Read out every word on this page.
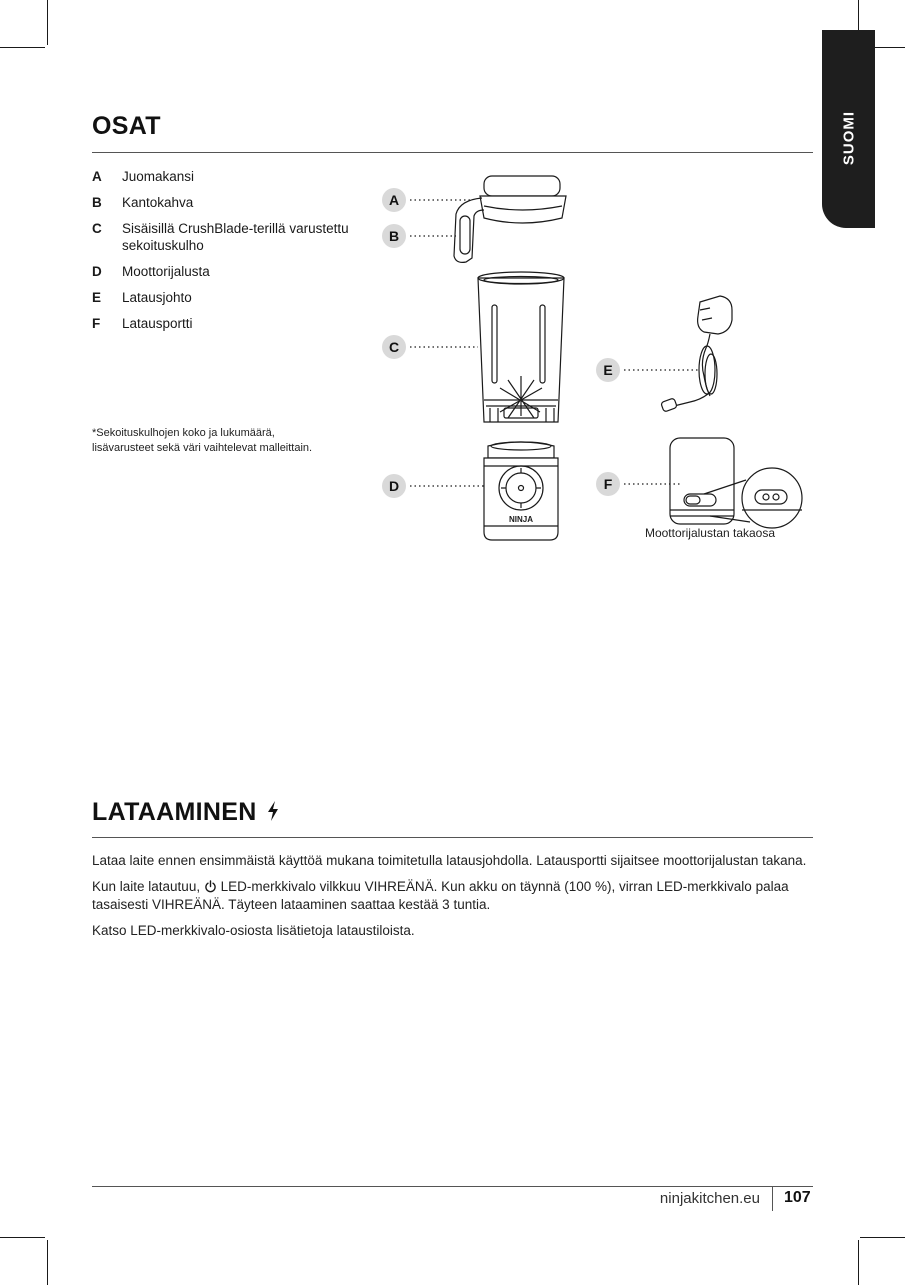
SUOMI
OSAT
A	Juomakansi
B	Kantokahva
C	Sisäisillä CrushBlade-terillä varustettu sekoituskulho
D	Moottorijalusta
E	Latausjohto
F	Latausportti
*Sekoituskulhojen koko ja lukumäärä, lisävarusteet sekä väri vaihtelevat malleittain.
NINJA
A
B
C
D
E
F
Moottorijalustan takaosa
LATAAMINEN

Lataa laite ennen ensimmäistä käyttöä mukana toimitetulla latausjohdolla. Latausportti sijaitsee moottorijalustan takana.

Kun laite latautuu, LED-merkkivalo vilkkuu VIHREÄNÄ. Kun akku on täynnä (100 %), virran LED-merkkivalo palaa tasaisesti VIHREÄNÄ. Täyteen lataaminen saattaa kestää 3 tuntia.

Katso LED-merkkivalo-osiosta lisätietoja lataustiloista.

ninjakitchen.eu 107
